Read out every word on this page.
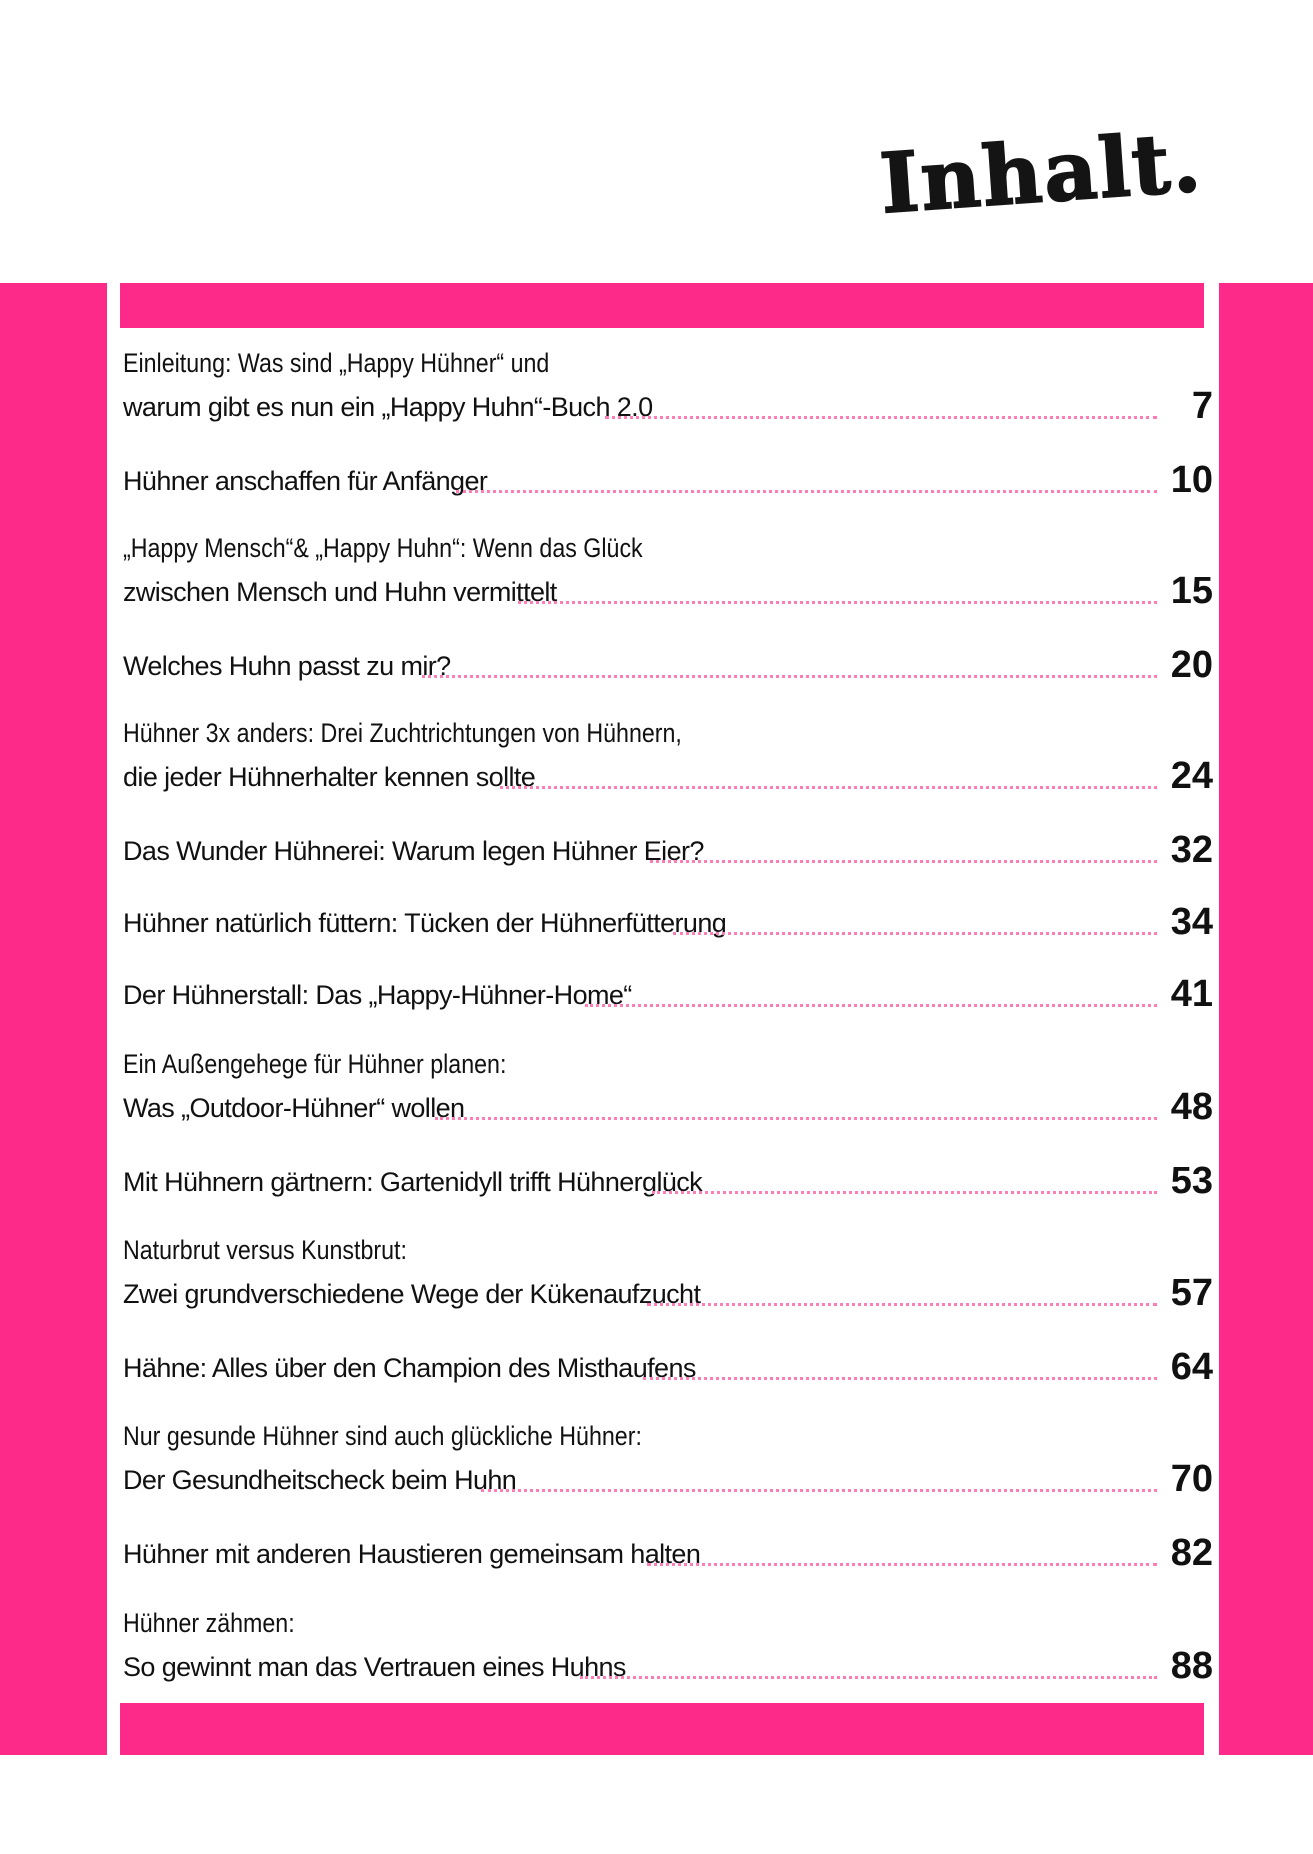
Inhalt.
Einleitung: Was sind „Happy Hühner“ und
warum gibt es nun ein „Happy Huhn“-Buch 2.0	7

Hühner anschaffen für Anfänger	10
„Happy Mensch“& „Happy Huhn“: Wenn das Glück
zwischen Mensch und Huhn vermittelt	15

Welches Huhn passt zu mir?	20
Hühner 3x anders: Drei Zuchtrichtungen von Hühnern,
die jeder Hühnerhalter kennen sollte	24

Das Wunder Hühnerei: Warum legen Hühner Eier?	32

Hühner natürlich füttern: Tücken der Hühnerfütterung	34

Der Hühnerstall: Das „Happy-Hühner-Home“	41
Ein Außengehege für Hühner planen:
Was „Outdoor-Hühner“ wollen	48

Mit Hühnern gärtnern: Gartenidyll trifft Hühnerglück	53
Naturbrut versus Kunstbrut:
Zwei grundverschiedene Wege der Kükenaufzucht	57

Hähne: Alles über den Champion des Misthaufens	64
Nur gesunde Hühner sind auch glückliche Hühner:
Der Gesundheitscheck beim Huhn	70

Hühner mit anderen Haustieren gemeinsam halten	82
Hühner zähmen:
So gewinnt man das Vertrauen eines Huhns	88
